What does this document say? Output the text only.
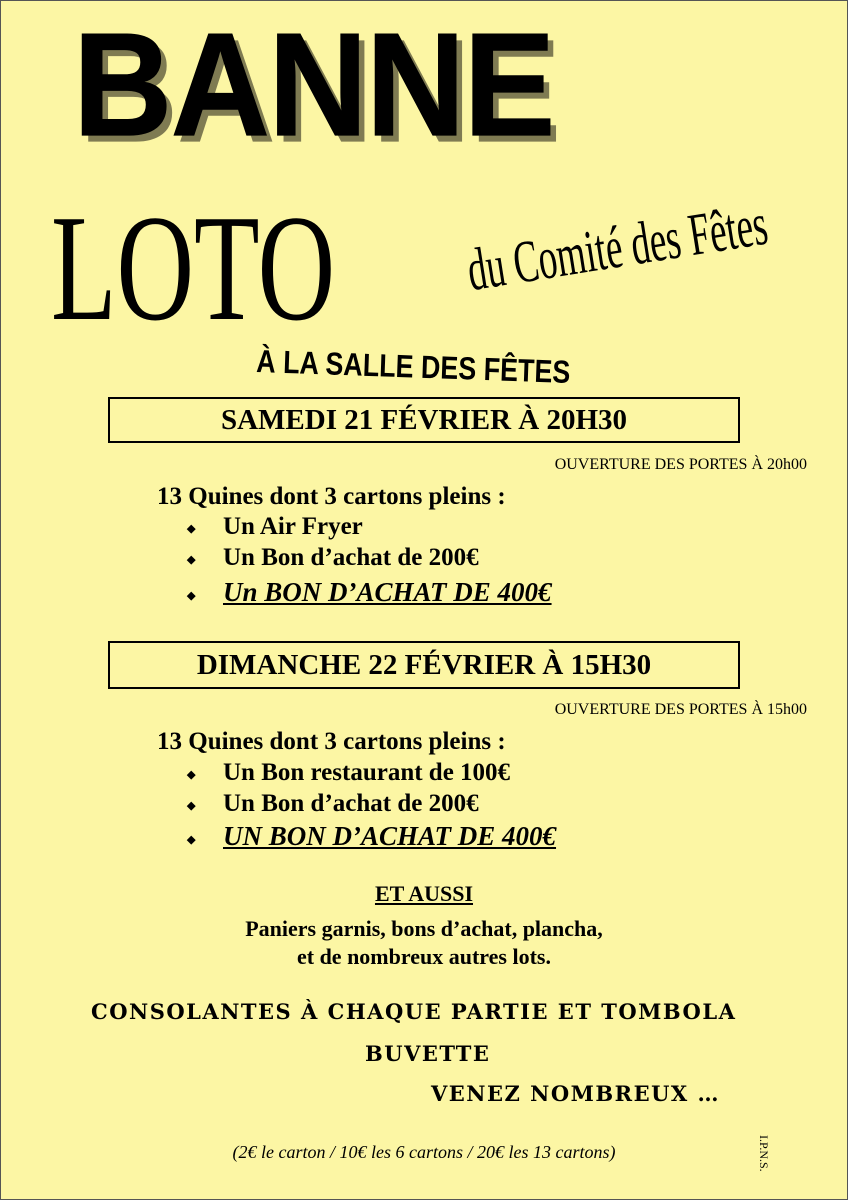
BANNE
LOTO du Comité des Fêtes
À LA SALLE DES FÊTES
SAMEDI 21 FÉVRIER À 20H30
OUVERTURE DES PORTES À 20h00
13 Quines dont 3 cartons pleins :
◆ Un Air Fryer
◆ Un Bon d’achat de 200€
◆ Un BON D’ACHAT DE 400€
DIMANCHE 22 FÉVRIER À 15H30
OUVERTURE DES PORTES À 15h00
13 Quines dont 3 cartons pleins :
◆ Un Bon restaurant de 100€
◆ Un Bon d’achat de 200€
◆ UN BON D’ACHAT DE 400€
ET AUSSI
Paniers garnis, bons d’achat, plancha,
et de nombreux autres lots.
CONSOLANTES À CHAQUE PARTIE ET TOMBOLA
BUVETTE
VENEZ NOMBREUX …
(2€ le carton / 10€ les 6 cartons / 20€ les 13 cartons)	I.P.N.S.
